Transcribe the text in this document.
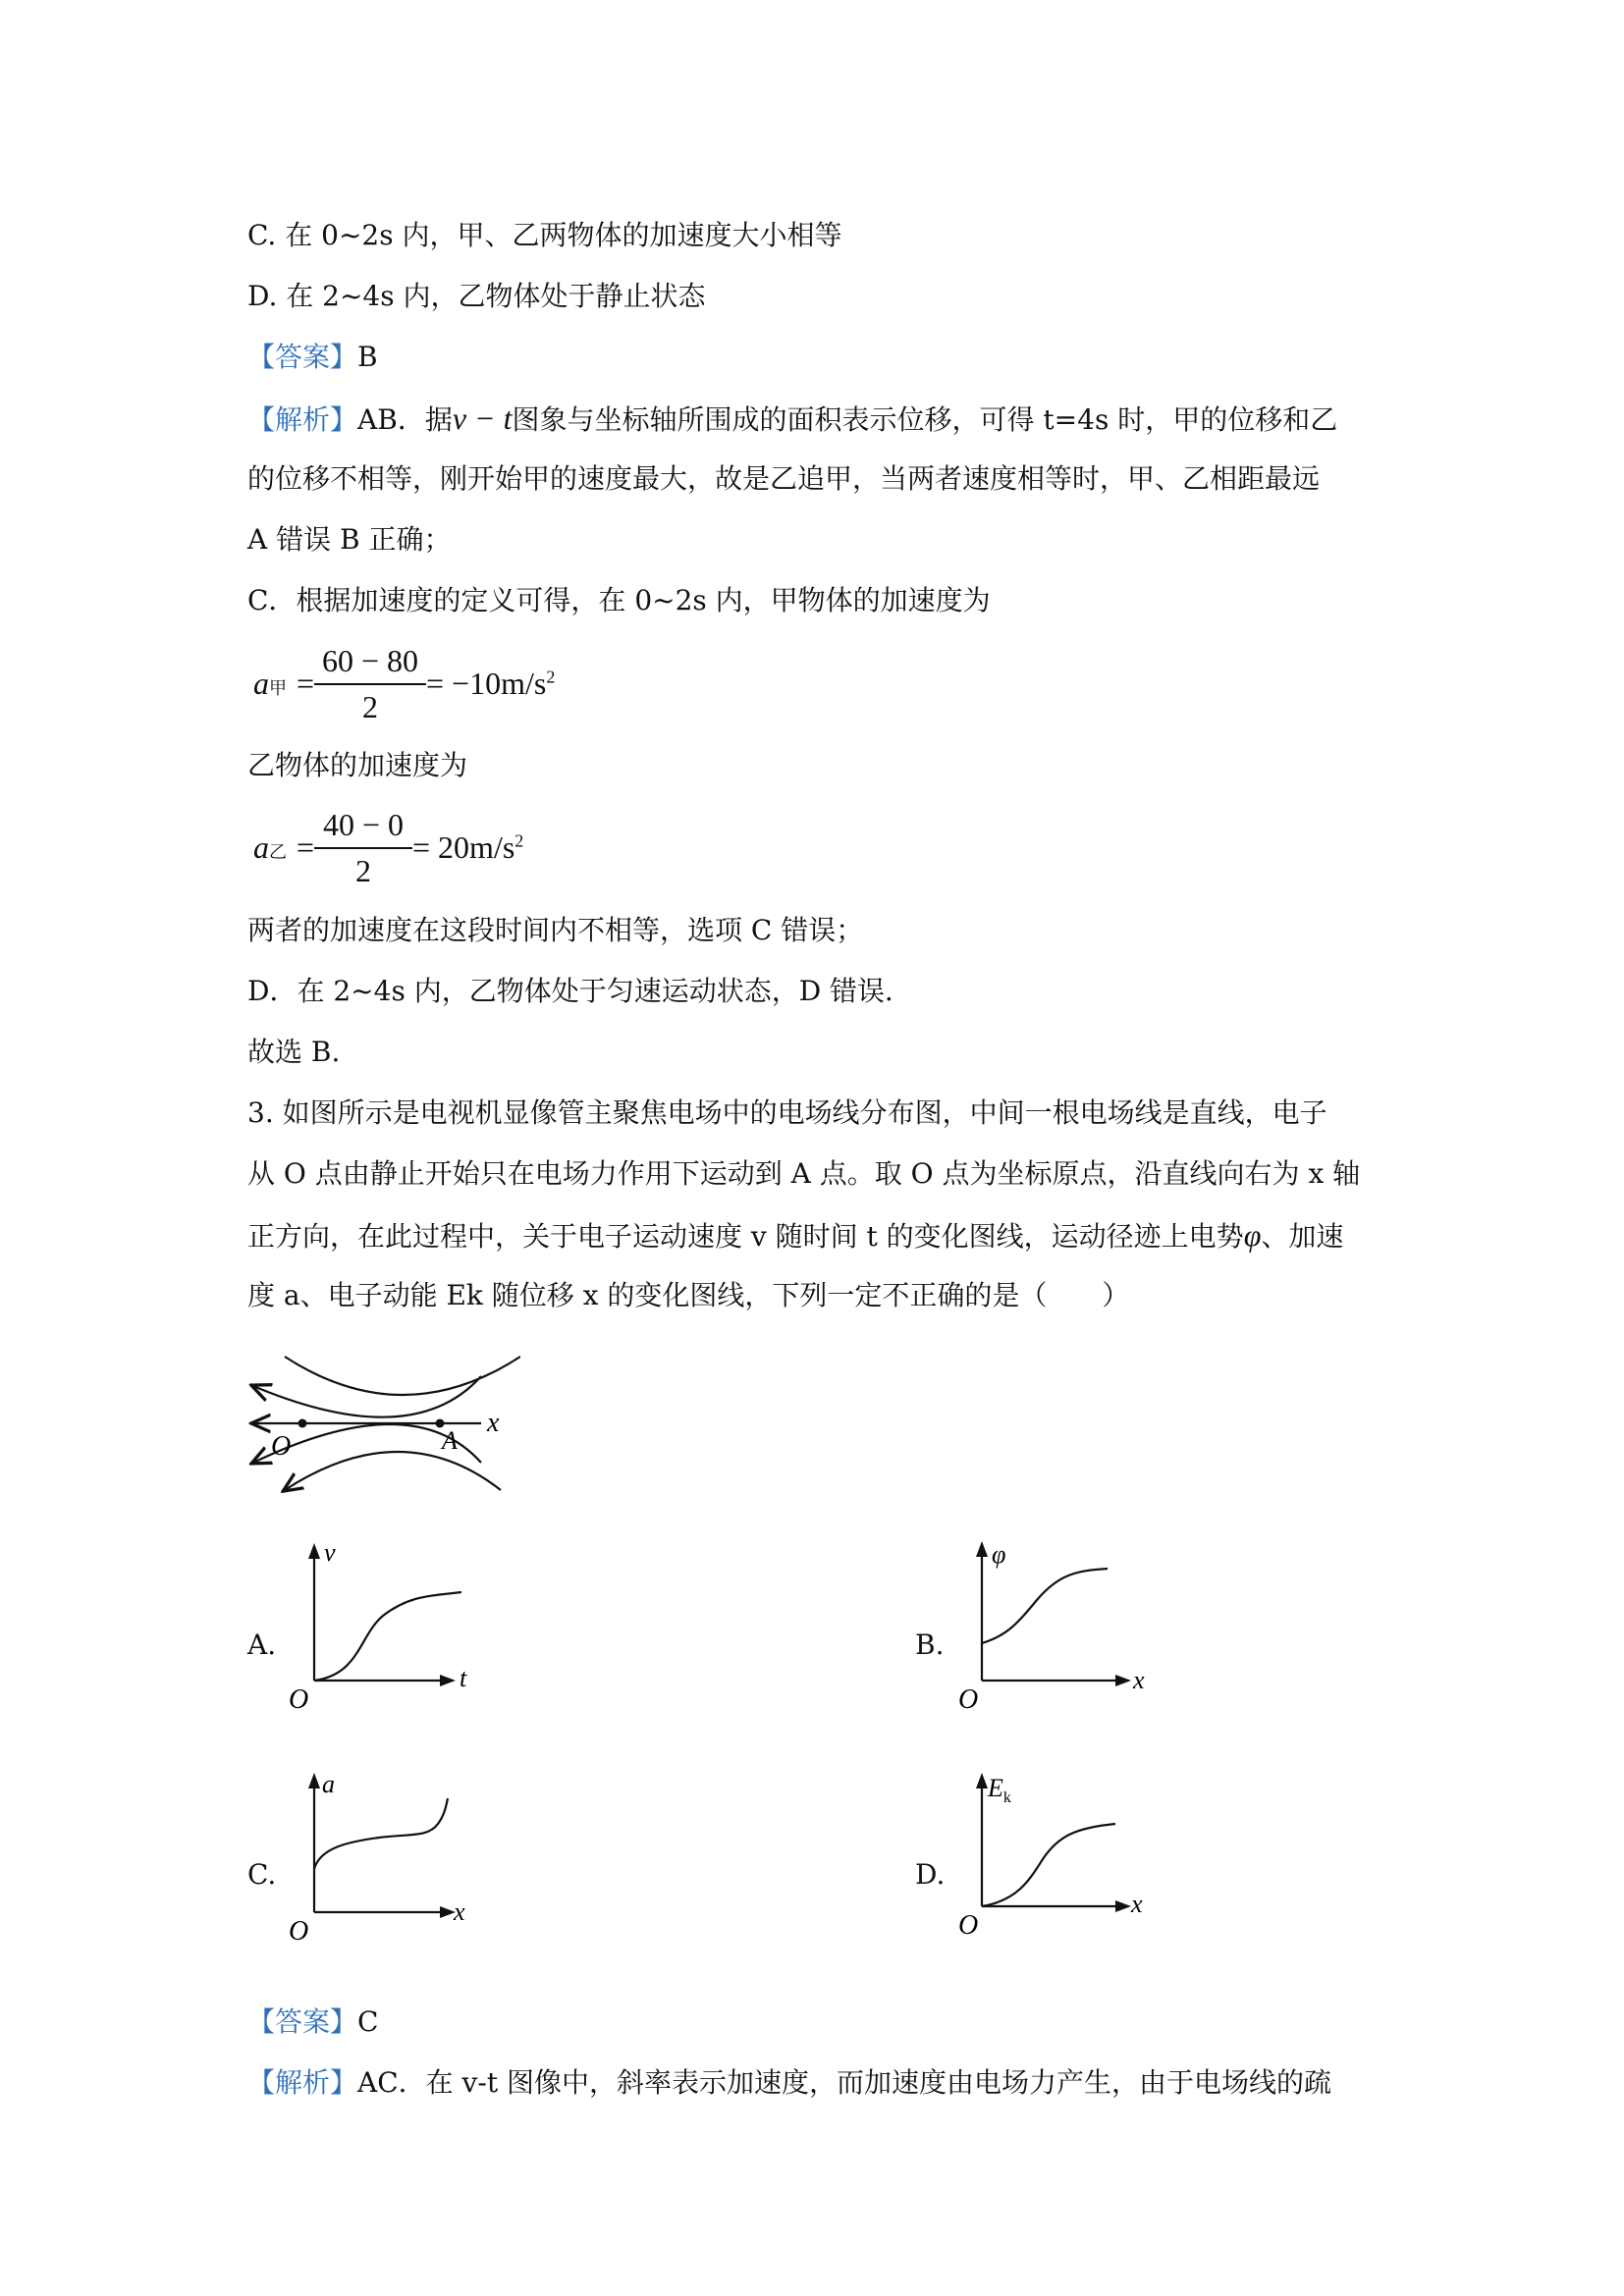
C. 在 0~2s 内，甲、乙两物体的加速度大小相等
D. 在 2~4s 内，乙物体处于静止状态
【答案】B
【解析】AB．据v − t图象与坐标轴所围成的面积表示位移，可得 t=4s 时，甲的位移和乙
的位移不相等，刚开始甲的速度最大，故是乙追甲，当两者速度相等时，甲、乙相距最远
A 错误 B 正确；
C．根据加速度的定义可得，在 0~2s 内，甲物体的加速度为
a甲 =
60 − 80
2
= $-10m/s^2$
乙物体的加速度为
a乙 =
40 − 0
2
= $20m/s^2$
两者的加速度在这段时间内不相等，选项 C 错误；
D．在 2~4s 内，乙物体处于匀速运动状态，D 错误．
故选 B.
3. 如图所示是电视机显像管主聚焦电场中的电场线分布图，中间一根电场线是直线，电子
从 O 点由静止开始只在电场力作用下运动到 A 点。取 O 点为坐标原点，沿直线向右为 x 轴
正方向，在此过程中，关于电子运动速度 v 随时间 t 的变化图线，运动径迹上电势φ、加速
度 a、电子动能 Ek 随位移 x 的变化图线，下列一定不正确的是（　　）
O	A
x
A.
v
t
O
B.
φ
x
O
C.
a
x
O
D.
$E_k$
x
O
【答案】C
【解析】AC．在 v-t 图像中，斜率表示加速度，而加速度由电场力产生，由于电场线的疏
